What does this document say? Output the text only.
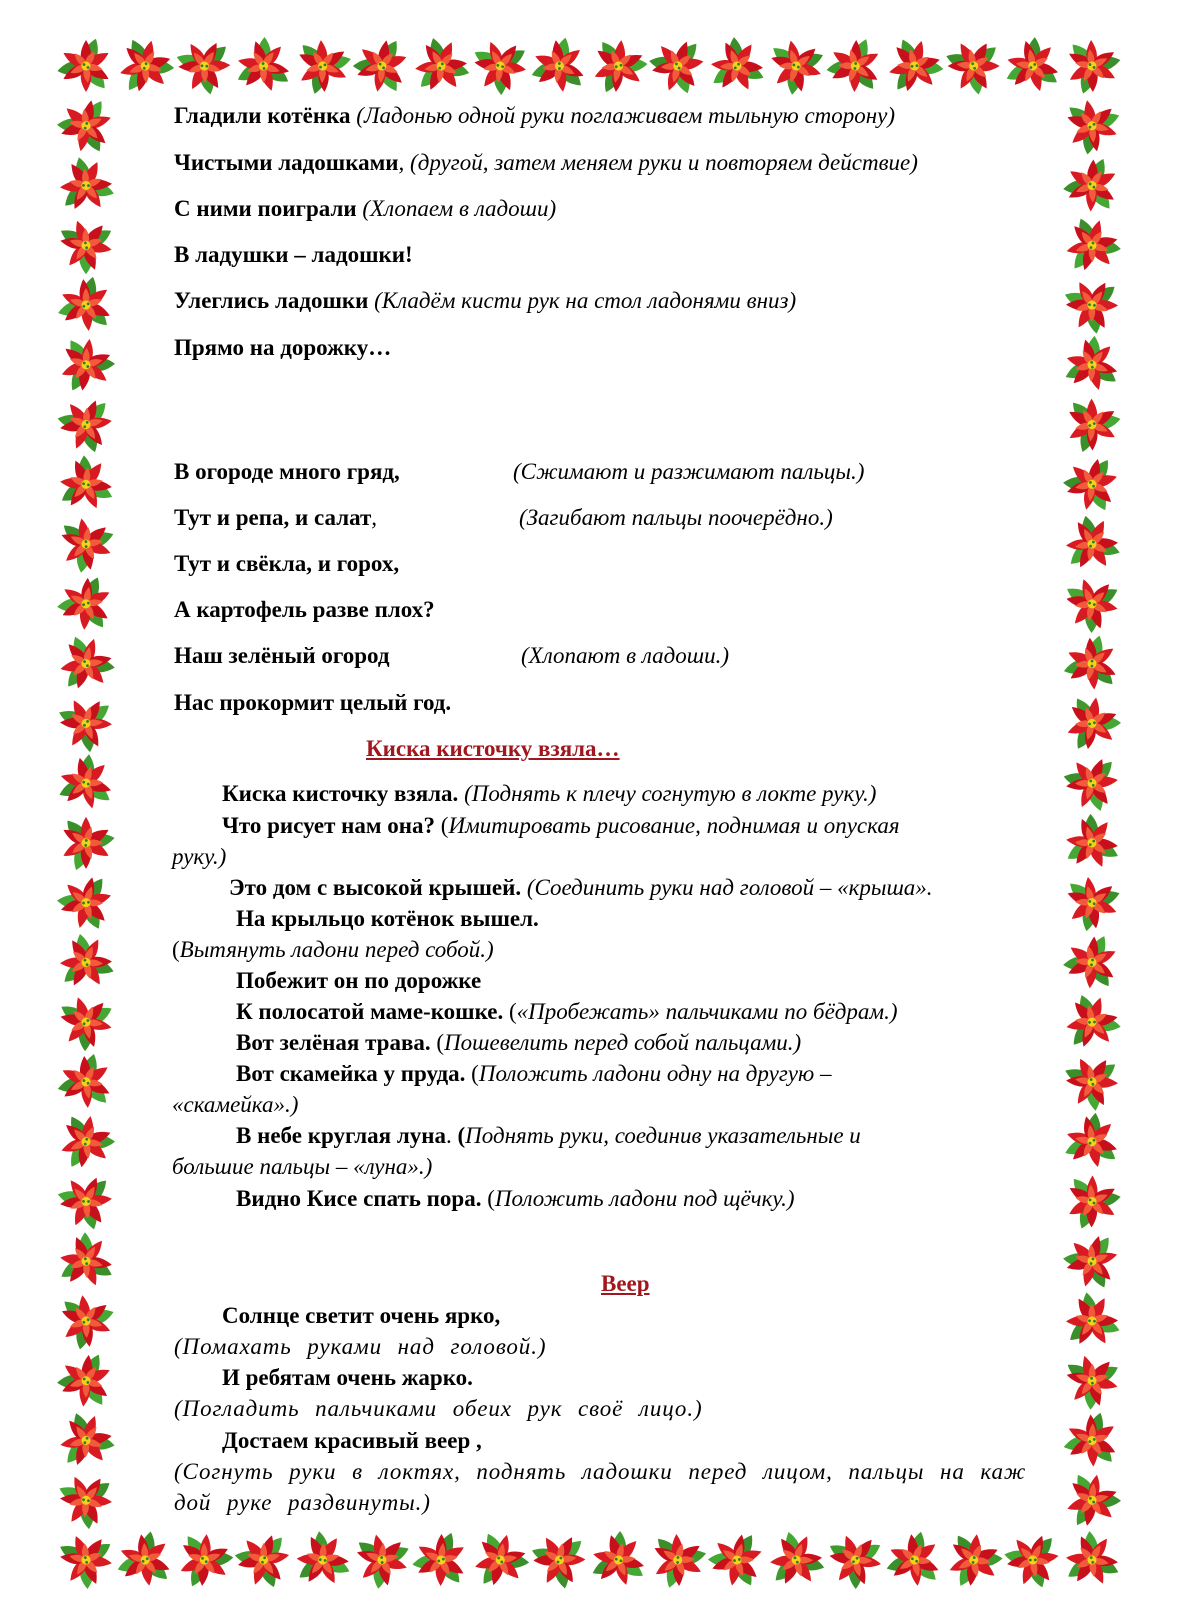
Гладили котёнка (Ладонью одной руки поглаживаем тыльную сторону)
Чистыми ладошками, (другой, затем меняем руки и повторяем действие)
С ними поиграли (Хлопаем в ладоши)
В ладушки – ладошки!
Улеглись ладошки (Кладём кисти рук на стол ладонями вниз)
Прямо на дорожку…
В огороде много гряд,	(Сжимают и разжимают пальцы.)
Тут и репа, и салат,	(Загибают пальцы поочерёдно.)
Тут и свёкла, и горох,
А картофель разве плох?
Наш зелёный огород	(Хлопают в ладоши.)
Нас прокормит целый год.
Киска кисточку взяла…
Киска кисточку взяла. (Поднять к плечу согнутую в локте руку.)
Что рисует нам она? (Имитировать рисование, поднимая и опуская
руку.)
Это дом с высокой крышей. (Соединить руки над головой – «крыша».
На крыльцо котёнок вышел.
(Вытянуть ладони перед собой.)
Побежит он по дорожке
К полосатой маме-кошке. («Пробежать» пальчиками по бёдрам.)
Вот зелёная трава. (Пошевелить перед собой пальцами.)
Вот скамейка у пруда. (Положить ладони одну на другую –
«скамейка».)
В небе круглая луна. (Поднять руки, соединив указательные и
большие пальцы – «луна».)
Видно Кисе спать пора. (Положить ладони под щёчку.)
Веер
Солнце светит очень ярко,
(Помахать руками над головой.)
И ребятам очень жарко.
(Погладить пальчиками обеих рук своё лицо.)
Достаем красивый веер ,
(Согнуть руки в локтях, поднять ладошки перед лицом, пальцы на каж
дой руке раздвинуты.)
